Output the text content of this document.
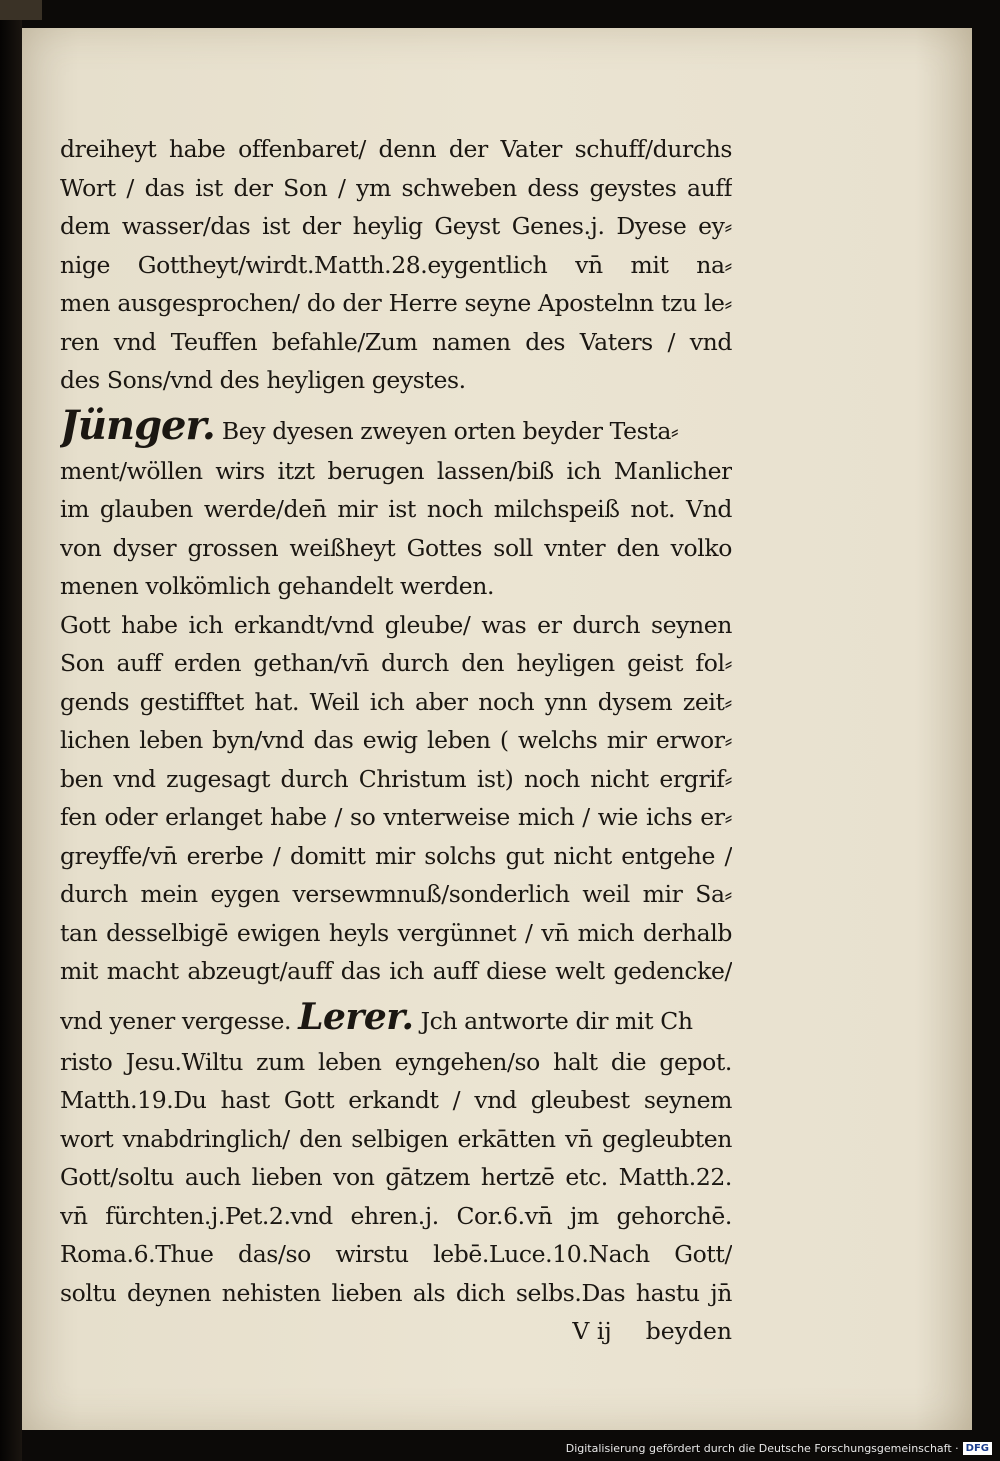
dreiheyt habe offenbaret/ denn der Vater schuff/durchs
Wort / das ist der Son / ym schweben dess geystes auff
dem wasser/das ist der heylig Geyst Genes.j. Dyese ey⸗
nige Gottheyt/wirdt.Matth.28.eygentlich vn̄ mit na⸗
men ausgesprochen/ do der Herre seyne Apostelnn tzu le⸗
ren vnd Teuffen befahle/Zum namen des Vaters / vnd
des Sons/vnd des heyligen geystes.
Jünger. Bey dyesen zweyen orten beyder Testa⸗
ment/wöllen wirs itzt berugen lassen/biß ich Manlicher
im glauben werde/den̄ mir ist noch milchspeiß not. Vnd
von dyser grossen weißheyt Gottes soll vnter den volko
menen volkömlich gehandelt werden.
Gott habe ich erkandt/vnd gleube/ was er durch seynen
Son auff erden gethan/vn̄ durch den heyligen geist fol⸗
gends gestifftet hat. Weil ich aber noch ynn dysem zeit⸗
lichen leben byn/vnd das ewig leben ( welchs mir erwor⸗
ben vnd zugesagt durch Christum ist) noch nicht ergrif⸗
fen oder erlanget habe / so vnterweise mich / wie ichs er⸗
greyffe/vn̄ ererbe / domitt mir solchs gut nicht entgehe /
durch mein eygen versewmnuß/sonderlich weil mir Sa⸗
tan desselbigē ewigen heyls vergünnet / vn̄ mich derhalb
mit macht abzeugt/auff das ich auff diese welt gedencke/
vnd yener vergesse. Lerer. Jch antworte dir mit Ch
risto Jesu.Wiltu zum leben eyngehen/so halt die gepot.
Matth.19.Du hast Gott erkandt / vnd gleubest seynem
wort vnabdringlich/ den selbigen erkātten vn̄ gegleubten
Gott/soltu auch lieben von gātzem hertzē etc. Matth.22.
vn̄ fürchten.j.Pet.2.vnd ehren.j. Cor.6.vn̄ jm gehorchē.
Roma.6.Thue das/so wirstu lebē.Luce.10.Nach Gott/
soltu deynen nehisten lieben als dich selbs.Das hastu jn̄
V ij	beyden
Digitalisierung gefördert durch die Deutsche Forschungsgemeinschaft · DFG
